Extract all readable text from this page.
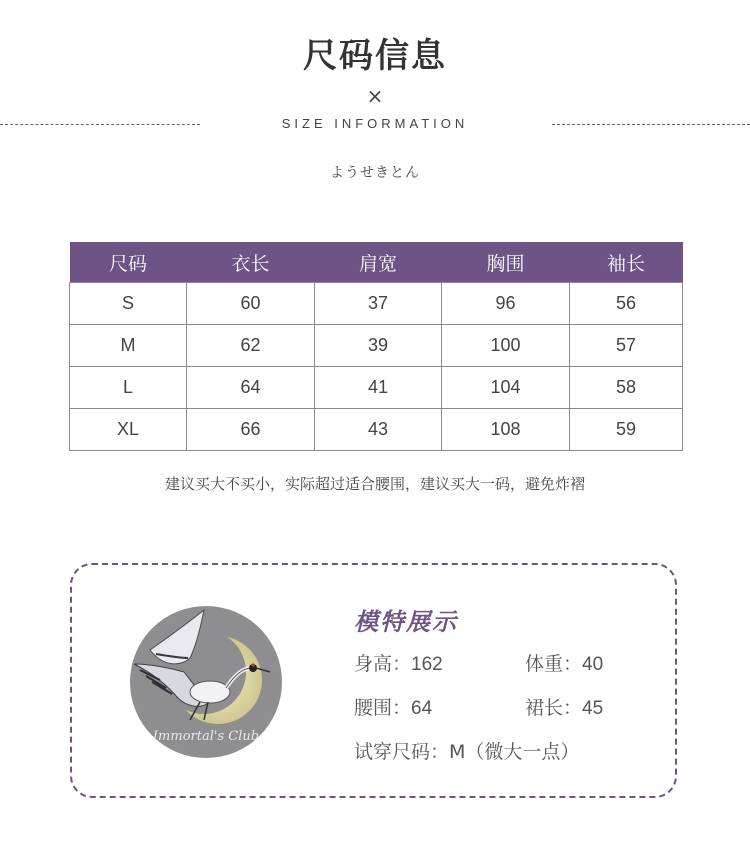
尺码信息
×
SIZE INFORMATION
ようせきとん
尺码	衣长	肩宽	胸围	袖长
S	60	37	96	56
M	62	39	100	57
L	64	41	104	58
XL	66	43	108	59
建议买大不买小，实际超过适合腰围，建议买大一码，避免炸褶
Immortal's Club
模特展示
身高：162	体重：40
腰围：64	裙长：45
试穿尺码：M（微大一点）
